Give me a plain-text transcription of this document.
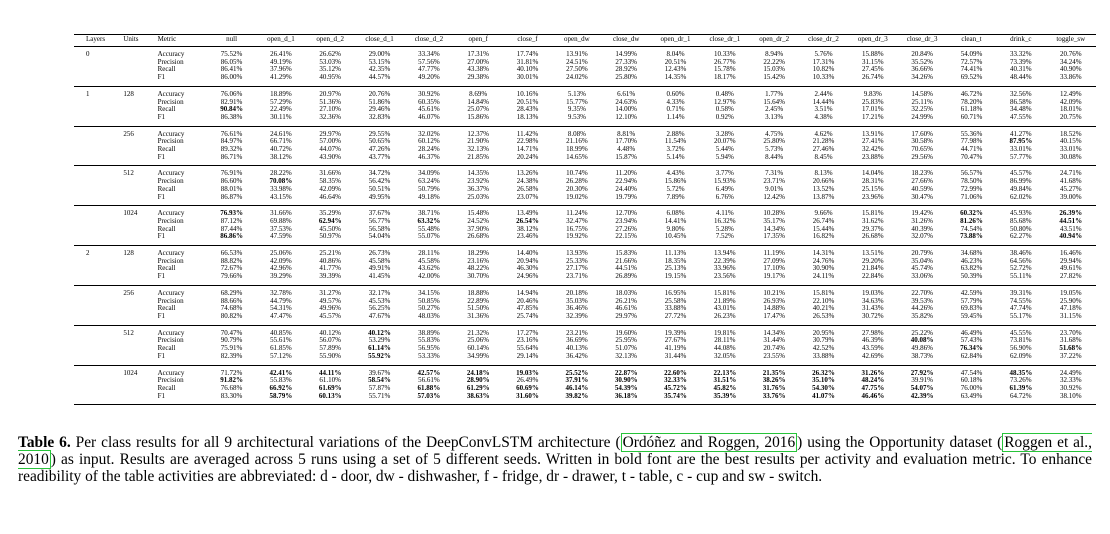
Layers	Units	Metric	null	open_d_1	open_d_2	close_d_1	close_d_2	open_f	close_f	open_dw	close_dw	open_dr_1	close_dr_1	open_dr_2	close_dr_2	open_dr_3	close_dr_3	clean_t	drink_c	toggle_sw
0		Accuracy	75.52%	26.41%	26.62%	29.00%	33.34%	17.31%	17.74%	13.91%	14.99%	8.04%	10.33%	8.94%	5.76%	15.88%	20.84%	54.09%	33.32%	20.76%
		Precision	86.05%	49.19%	53.03%	53.15%	57.56%	27.00%	31.81%	24.51%	27.33%	20.51%	26.77%	22.22%	17.31%	31.15%	35.52%	72.57%	73.39%	34.24%
		Recall	86.41%	37.96%	35.12%	42.35%	47.77%	43.38%	40.10%	27.50%	28.92%	12.43%	15.78%	15.03%	10.82%	27.45%	36.66%	74.41%	40.31%	40.90%
		F1	86.00%	41.29%	40.95%	44.57%	49.20%	29.38%	30.01%	24.02%	25.80%	14.35%	18.17%	15.42%	10.33%	26.74%	34.26%	69.52%	48.44%	33.86%
1	128	Accuracy	76.06%	18.89%	20.97%	20.76%	30.92%	8.69%	10.16%	5.13%	6.61%	0.60%	0.48%	1.77%	2.44%	9.83%	14.58%	46.72%	32.56%	12.49%
		Precision	82.91%	57.29%	51.36%	51.86%	60.35%	14.84%	20.51%	15.77%	24.63%	4.33%	12.97%	15.64%	14.44%	25.83%	25.11%	78.20%	86.58%	42.09%
		Recall	90.84%	22.49%	27.10%	29.46%	45.61%	25.07%	28.43%	9.35%	14.00%	0.71%	0.58%	2.45%	3.51%	17.01%	32.25%	61.18%	34.48%	18.01%
		F1	86.38%	30.11%	32.36%	32.83%	46.07%	15.86%	18.13%	9.53%	12.10%	1.14%	0.92%	3.13%	4.38%	17.21%	24.99%	60.71%	47.55%	20.75%
	256	Accuracy	76.61%	24.61%	29.97%	29.55%	32.02%	12.37%	11.42%	8.08%	8.81%	2.88%	3.28%	4.75%	4.62%	13.91%	17.60%	55.36%	41.27%	18.52%
		Precision	84.97%	66.71%	57.00%	50.65%	60.12%	21.90%	22.98%	21.16%	17.70%	11.54%	20.07%	25.80%	21.28%	27.41%	30.58%	77.98%	87.95%	40.15%
		Recall	89.32%	40.72%	44.07%	47.26%	28.24%	32.13%	14.71%	18.99%	4.48%	3.72%	5.44%	5.73%	27.46%	32.42%	70.65%	44.71%	33.01%	33.01%
		F1	86.71%	38.12%	43.90%	43.77%	46.37%	21.85%	20.24%	14.65%	15.87%	5.14%	5.94%	8.44%	8.45%	23.88%	29.56%	70.47%	57.77%	30.08%
	512	Accuracy	76.91%	28.22%	31.66%	34.72%	34.09%	14.35%	13.26%	10.74%	11.20%	4.43%	3.77%	7.31%	8.13%	14.04%	18.23%	56.57%	45.57%	24.71%
		Precision	86.60%	70.08%	58.35%	56.42%	63.24%	23.92%	24.38%	26.28%	22.94%	15.86%	15.93%	23.71%	20.66%	28.31%	27.66%	78.50%	86.99%	41.68%
		Recall	88.01%	33.98%	42.09%	50.51%	50.79%	36.37%	26.58%	20.30%	24.40%	5.72%	6.49%	9.01%	13.52%	25.15%	40.59%	72.99%	49.84%	45.27%
		F1	86.87%	43.15%	46.64%	49.95%	49.18%	25.03%	23.07%	19.02%	19.79%	7.89%	6.76%	12.42%	13.87%	23.96%	30.47%	71.06%	62.02%	39.00%
	1024	Accuracy	76.93%	31.66%	35.29%	37.67%	38.71%	15.48%	13.49%	11.24%	12.70%	6.08%	4.11%	10.28%	9.66%	15.81%	19.42%	60.32%	45.93%	26.39%
		Precision	87.12%	69.88%	62.94%	56.77%	63.32%	24.52%	26.54%	32.47%	23.94%	14.41%	16.32%	35.17%	26.74%	31.62%	31.26%	81.26%	85.68%	44.51%
		Recall	87.44%	37.53%	45.50%	56.58%	55.48%	37.90%	38.12%	16.75%	27.26%	9.80%	5.28%	14.34%	15.44%	29.37%	40.39%	74.54%	50.80%	43.51%
		F1	86.86%	47.59%	50.97%	54.04%	55.07%	26.68%	23.46%	19.92%	22.15%	10.45%	7.52%	17.35%	16.82%	26.68%	32.07%	73.88%	62.27%	40.94%
2	128	Accuracy	66.53%	25.06%	25.21%	26.73%	28.11%	18.29%	14.40%	13.93%	15.83%	11.13%	13.94%	11.19%	14.31%	13.51%	20.79%	34.68%	38.46%	16.46%
		Precision	88.82%	42.09%	40.86%	45.58%	45.58%	23.16%	20.94%	25.33%	21.66%	18.35%	22.39%	27.09%	24.76%	29.20%	35.04%	46.23%	64.56%	29.94%
		Recall	72.67%	42.96%	41.77%	49.91%	43.62%	48.22%	46.30%	27.17%	44.51%	25.13%	33.96%	17.10%	30.90%	21.84%	45.74%	63.82%	52.72%	49.61%
		F1	79.66%	39.29%	39.39%	41.45%	42.00%	30.70%	24.96%	23.71%	26.89%	19.15%	23.56%	19.17%	24.11%	22.84%	33.06%	50.39%	55.11%	27.82%
	256	Accuracy	68.29%	32.78%	31.27%	32.17%	34.15%	18.88%	14.94%	20.18%	18.03%	16.95%	15.81%	10.21%	15.81%	19.03%	22.70%	42.59%	39.31%	19.05%
		Precision	88.66%	44.79%	49.57%	45.53%	50.85%	22.89%	20.46%	35.03%	26.21%	25.58%	21.89%	26.93%	22.10%	34.63%	39.53%	57.79%	74.55%	25.90%
		Recall	74.68%	54.31%	49.96%	56.25%	50.27%	51.50%	47.85%	36.46%	46.61%	33.88%	43.01%	14.88%	40.21%	31.43%	44.26%	69.83%	47.74%	47.18%
		F1	80.82%	47.47%	45.57%	47.67%	48.03%	31.36%	25.74%	32.39%	29.97%	27.72%	26.23%	17.47%	26.53%	30.72%	35.82%	59.45%	55.17%	31.15%
	512	Accuracy	70.47%	40.85%	40.12%	40.12%	38.89%	21.32%	17.27%	23.21%	19.60%	19.39%	19.81%	14.34%	20.95%	27.98%	25.22%	46.49%	45.55%	23.70%
		Precision	90.79%	55.61%	56.07%	53.29%	55.83%	25.06%	23.16%	36.69%	25.95%	27.67%	28.11%	31.44%	30.79%	46.39%	40.08%	57.43%	73.81%	31.68%
		Recall	75.91%	61.85%	57.89%	61.14%	56.95%	60.14%	55.64%	40.13%	51.07%	41.19%	44.08%	20.74%	42.52%	43.59%	49.86%	76.34%	56.90%	51.68%
		F1	82.39%	57.12%	55.90%	55.92%	53.33%	34.99%	29.14%	36.42%	32.13%	31.44%	32.05%	23.55%	33.88%	42.69%	38.73%	62.84%	62.09%	37.22%
	1024	Accuracy	71.72%	42.41%	44.11%	39.67%	42.57%	24.18%	19.03%	25.52%	22.87%	22.60%	22.13%	21.35%	26.32%	31.26%	27.92%	47.54%	48.35%	24.49%
		Precision	91.82%	55.83%	61.10%	58.54%	56.61%	28.90%	26.49%	37.91%	30.90%	32.33%	31.51%	38.26%	35.10%	48.24%	39.91%	60.18%	73.26%	32.33%
		Recall	76.68%	66.92%	61.69%	57.87%	61.88%	61.29%	60.69%	46.14%	54.39%	45.72%	45.82%	31.76%	54.30%	47.75%	54.07%	76.00%	61.39%	30.92%
		F1	83.30%	58.79%	60.13%	55.71%	57.03%	38.63%	31.60%	39.82%	36.18%	35.74%	35.39%	33.76%	41.07%	46.46%	42.39%	63.49%	64.72%	38.10%
Table 6. Per class results for all 9 architectural variations of the DeepConvLSTM architecture ( Ordóñez and Roggen, 2016 ) using the Opportunity dataset ( Roggen et al., 2010 ) as input. Results are averaged across 5 runs using a set of 5 different seeds. Written in bold font are the best results per activity and evaluation metric. To enhance readibility of the table activities are abbreviated: d - door, dw - dishwasher, f - fridge, dr - drawer, t - table, c - cup and sw - switch.
